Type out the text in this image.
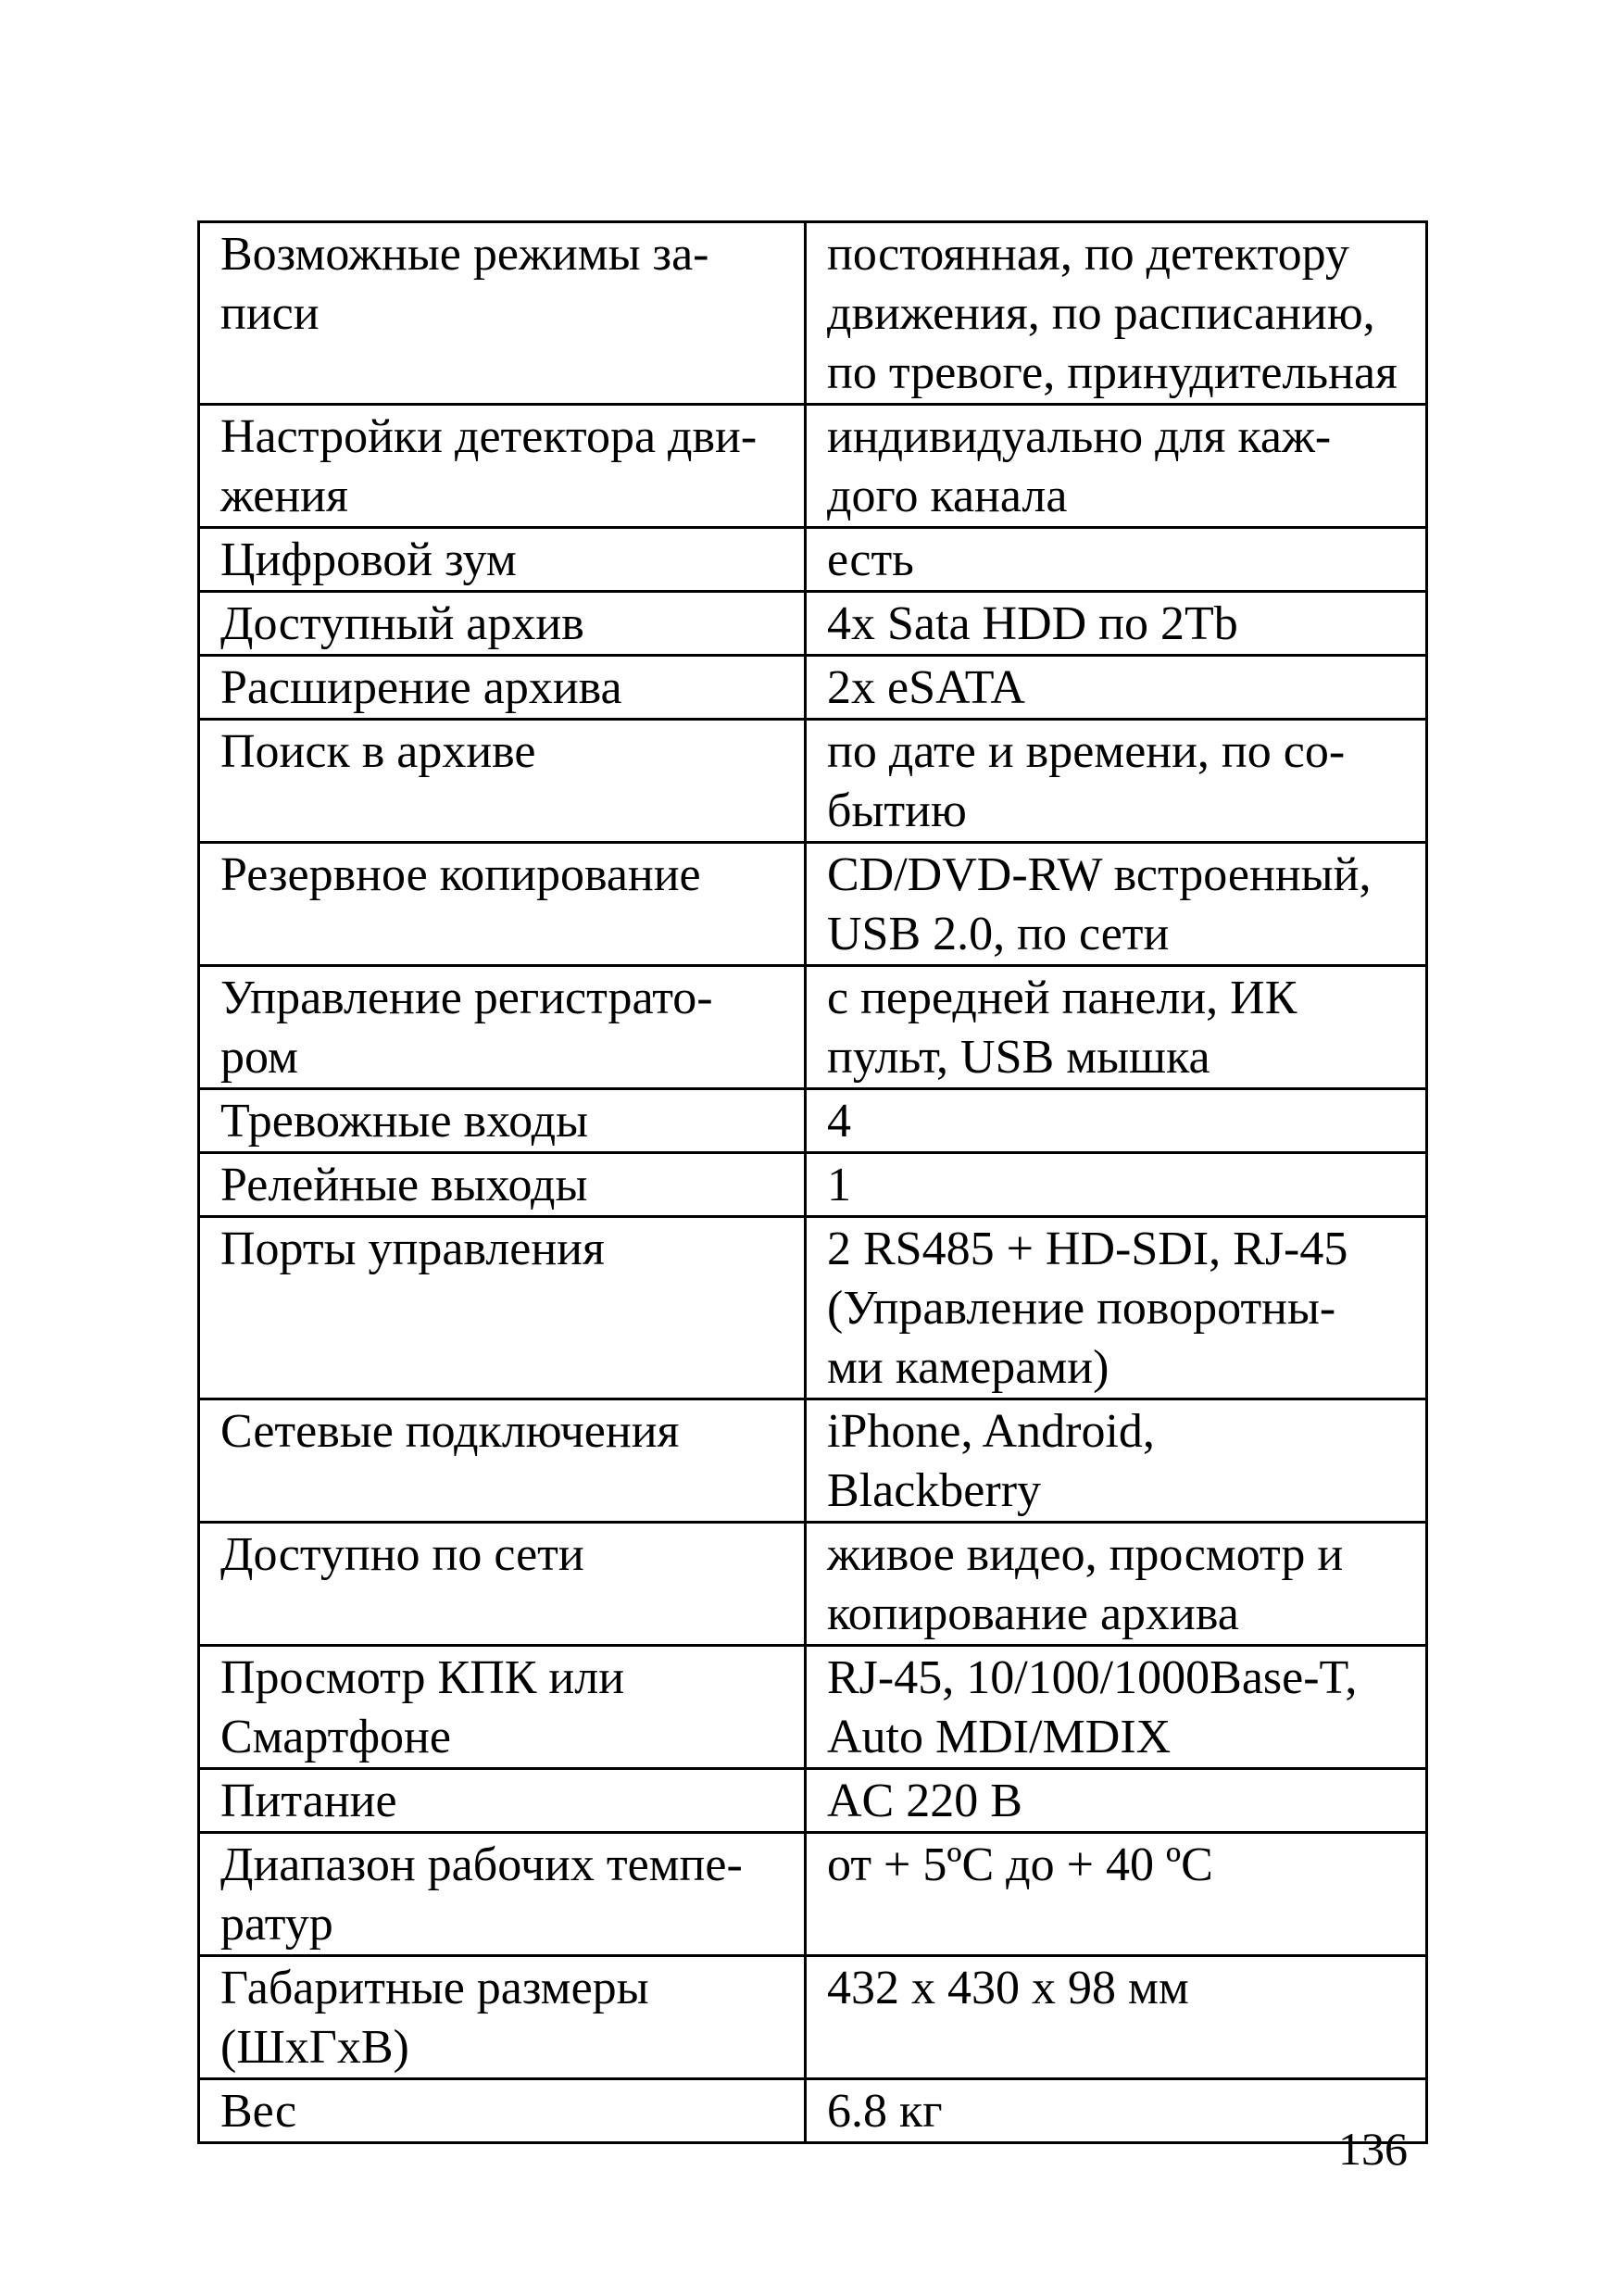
Возможные режимы за-
писи	постоянная, по детектору
движения, по расписанию,
по тревоге, принудительная
Настройки детектора дви-
жения	индивидуально для каж-
дого канала
Цифровой зум	есть
Доступный архив	4x Sata HDD по 2Tb
Расширение архива	2x eSATA
Поиск в архиве	по дате и времени, по со-
бытию
Резервное копирование	CD/DVD-RW встроенный,
USB 2.0, по сети
Управление регистрато-
ром	с передней панели, ИК
пульт, USB мышка
Тревожные входы	4
Релейные выходы	1
Порты управления	2 RS485 + HD-SDI, RJ-45
(Управление поворотны-
ми камерами)
Сетевые подключения	iPhone, Android,
Blackberry
Доступно по сети	живое видео, просмотр и
копирование архива
Просмотр КПК или
Смартфоне	RJ-45, 10/100/1000Base-T,
Auto MDI/MDIX
Питание	AC 220 B
Диапазон рабочих темпе-
ратур	от + 5ºC до + 40 ºC
Габаритные размеры
(ШхГхВ)	432 x 430 x 98 мм
Вес	6.8 кг
136
